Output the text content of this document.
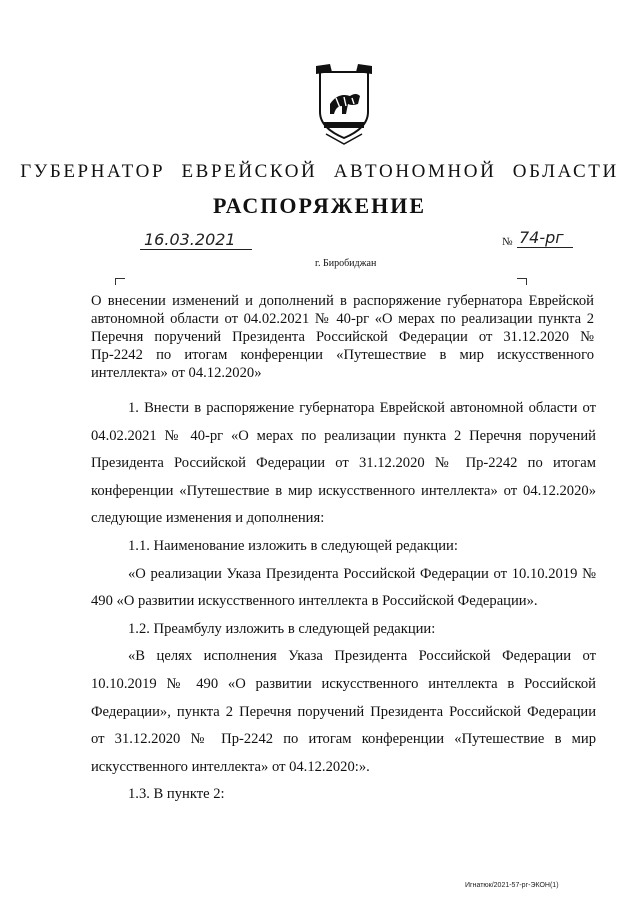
ГУБЕРНАТОР ЕВРЕЙСКОЙ АВТОНОМНОЙ ОБЛАСТИ
РАСПОРЯЖЕНИЕ
16.03.2021	№ 74-рг
г. Биробиджан
О внесении изменений и дополнений в распоряжение губернатора Еврейской автономной области от 04.02.2021 № 40-рг «О мерах по реализации пункта 2 Перечня поручений Президента Российской Федерации от 31.12.2020 № Пр-2242 по итогам конференции «Путешествие в мир искусственного интеллекта» от 04.12.2020»

1. Внести в распоряжение губернатора Еврейской автономной области от 04.02.2021 № 40-рг «О мерах по реализации пункта 2 Перечня поручений Президента Российской Федерации от 31.12.2020 № Пр-2242 по итогам конференции «Путешествие в мир искусственного интеллекта» от 04.12.2020» следующие изменения и дополнения:

1.1. Наименование изложить в следующей редакции:

«О реализации Указа Президента Российской Федерации от 10.10.2019 № 490 «О развитии искусственного интеллекта в Российской Федерации».

1.2. Преамбулу изложить в следующей редакции:

«В целях исполнения Указа Президента Российской Федерации от 10.10.2019 № 490 «О развитии искусственного интеллекта в Российской Федерации», пункта 2 Перечня поручений Президента Российской Федерации от 31.12.2020 № Пр-2242 по итогам конференции «Путешествие в мир искусственного интеллекта» от 04.12.2020:».

1.3. В пункте 2:

Игнатюк/2021-57-рг-ЭКОН(1)
